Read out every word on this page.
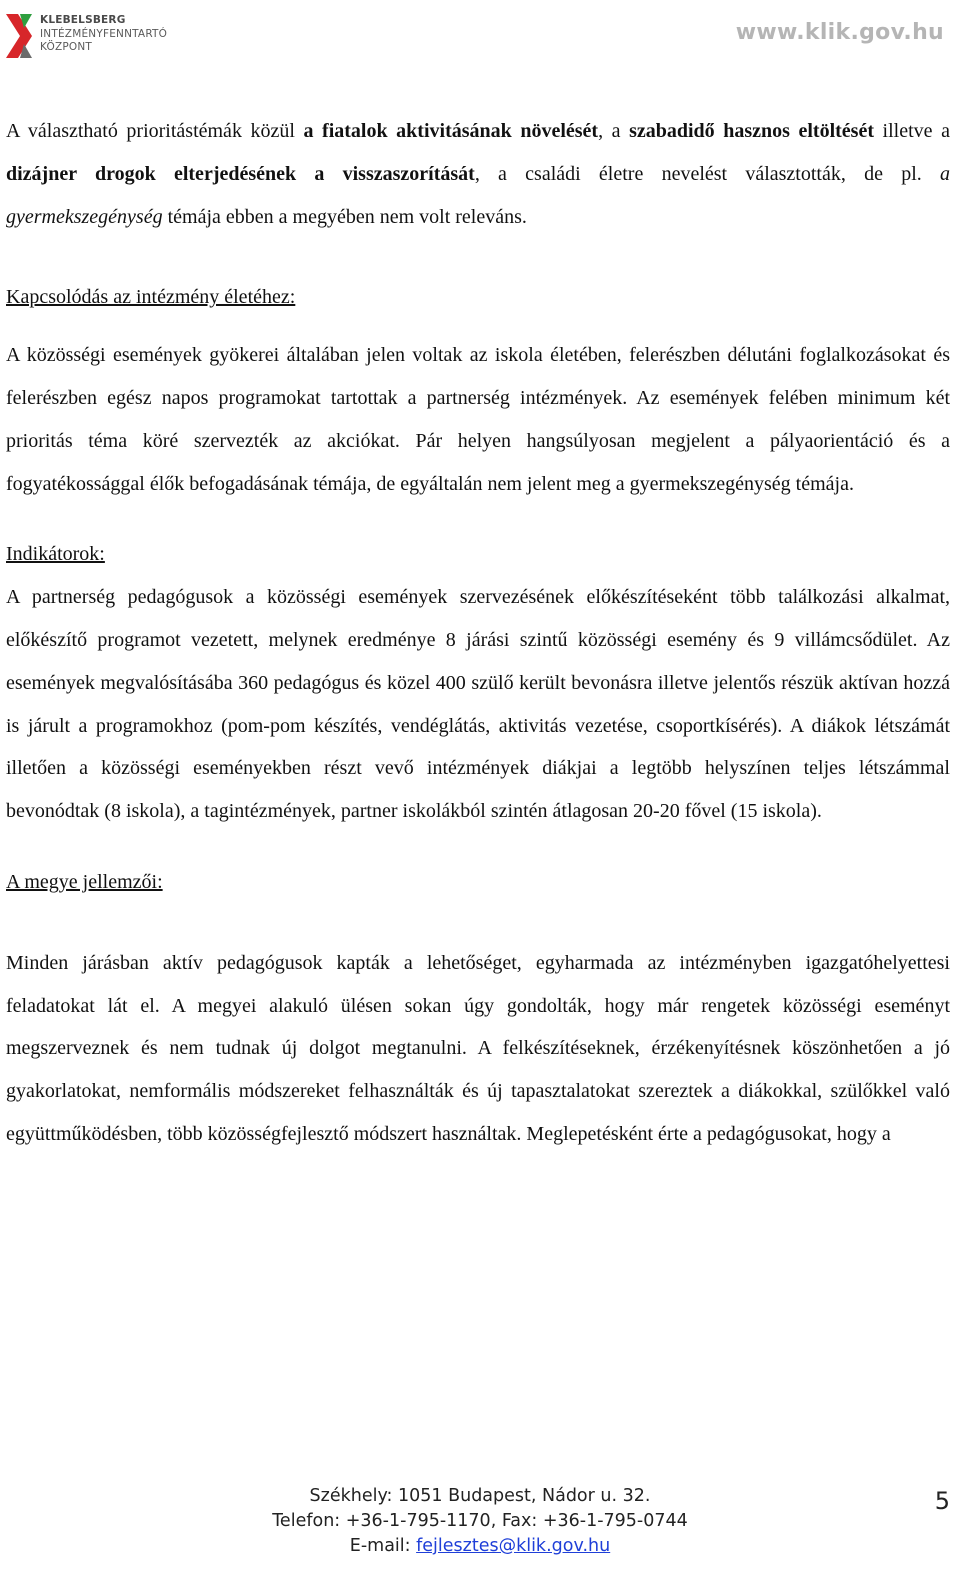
KLEBELSBERG
INTÉZMÉNYFENNTARTÓ
KÖZPONT
www.klik.gov.hu

A választható prioritástémák közül a fiatalok aktivitásának növelését, a szabadidő hasznos eltöltését illetve a dizájner drogok elterjedésének a visszaszorítását, a családi életre nevelést választották, de pl. a gyermekszegénység témája ebben a megyében nem volt releváns.

Kapcsolódás az intézmény életéhez:

A közösségi események gyökerei általában jelen voltak az iskola életében, felerészben délutáni foglalkozásokat és felerészben egész napos programokat tartottak a partnerség intézmények. Az események felében minimum két prioritás téma köré szervezték az akciókat. Pár helyen hangsúlyosan megjelent a pályaorientáció és a fogyatékossággal élők befogadásának témája, de egyáltalán nem jelent meg a gyermekszegénység témája.

Indikátorok:

A partnerség pedagógusok a közösségi események szervezésének előkészítéseként több találkozási alkalmat, előkészítő programot vezetett, melynek eredménye 8 járási szintű közösségi esemény és 9 villámcsődület. Az események megvalósításába 360 pedagógus és közel 400 szülő került bevonásra illetve jelentős részük aktívan hozzá is járult a programokhoz (pom-pom készítés, vendéglátás, aktivitás vezetése, csoportkísérés). A diákok létszámát illetően a közösségi eseményekben részt vevő intézmények diákjai a legtöbb helyszínen teljes létszámmal bevonódtak (8 iskola), a tagintézmények, partner iskolákból szintén átlagosan 20-20 fővel (15 iskola).

A megye jellemzői:

Minden járásban aktív pedagógusok kapták a lehetőséget, egyharmada az intézményben igazgatóhelyettesi feladatokat lát el. A megyei alakuló ülésen sokan úgy gondolták, hogy már rengetek közösségi eseményt megszerveznek és nem tudnak új dolgot megtanulni. A felkészítéseknek, érzékenyítésnek köszönhetően a jó gyakorlatokat, nemformális módszereket felhasználták és új tapasztalatokat szereztek a diákokkal, szülőkkel való együttműködésben, több közösségfejlesztő módszert használtak. Meglepetésként érte a pedagógusokat, hogy a

Székhely: 1051 Budapest, Nádor u. 32.
Telefon: +36-1-795-1170, Fax: +36-1-795-0744
E-mail: fejlesztes@klik.gov.hu
5
